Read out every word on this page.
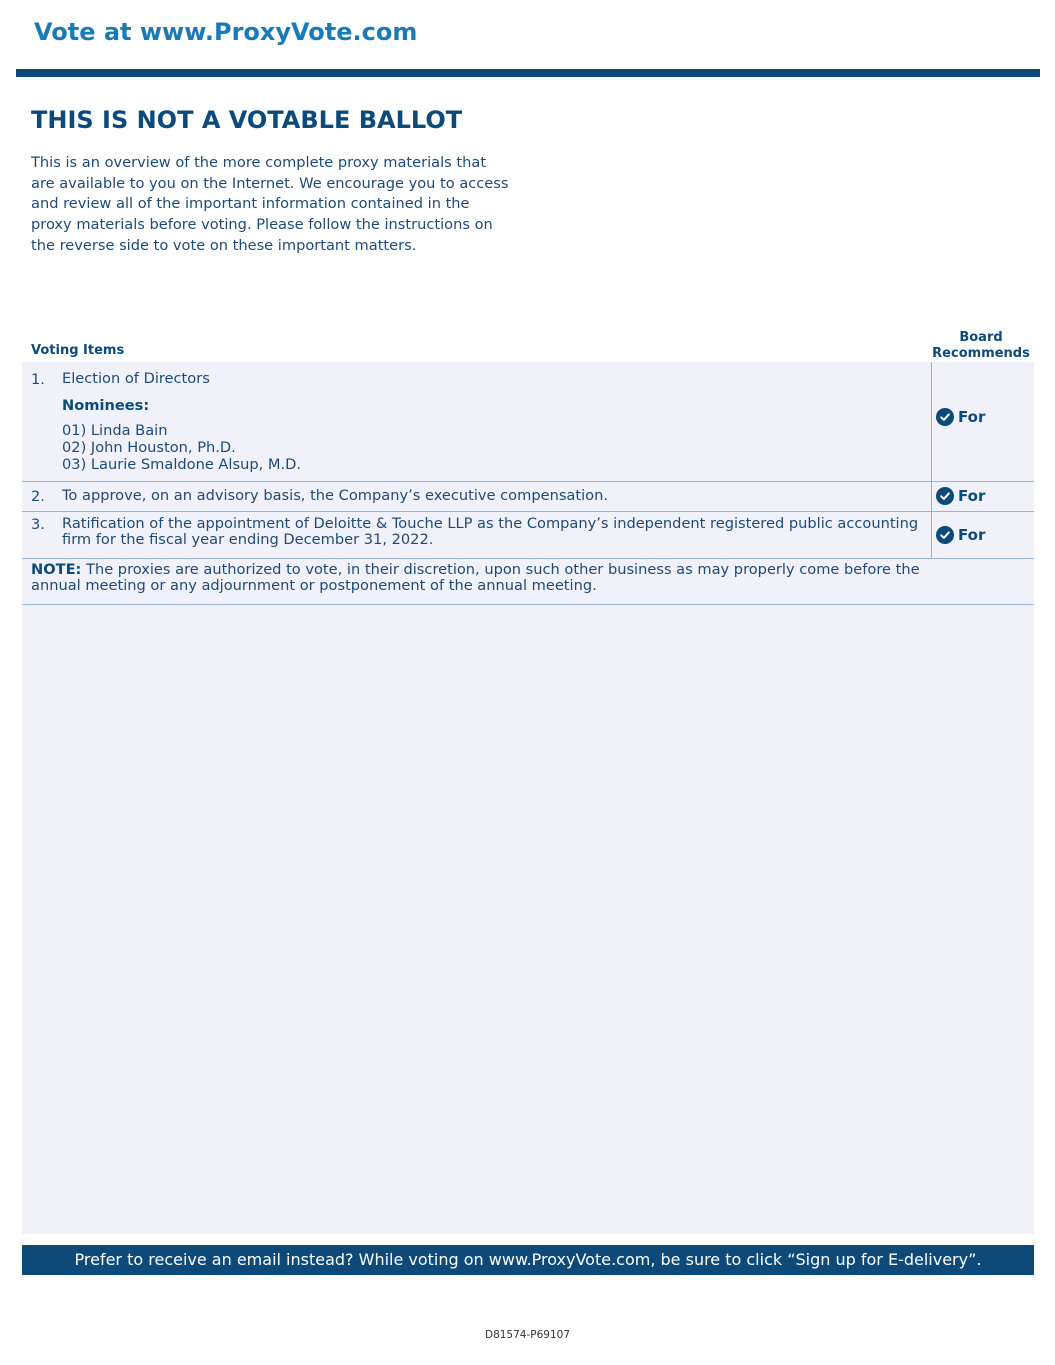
Vote at www.ProxyVote.com
THIS IS NOT A VOTABLE BALLOT
This is an overview of the more complete proxy materials that
are available to you on the Internet. We encourage you to access
and review all of the important information contained in the
proxy materials before voting. Please follow the instructions on
the reverse side to vote on these important matters.
Voting Items
Board
Recommends
1. Election of Directors
Nominees:
01) Linda Bain
02) John Houston, Ph.D.
03) Laurie Smaldone Alsup, M.D.
For
2. To approve, on an advisory basis, the Company’s executive compensation.	For
3. Ratification of the appointment of Deloitte & Touche LLP as the Company’s independent registered public accounting
firm for the fiscal year ending December 31, 2022.	For
NOTE: The proxies are authorized to vote, in their discretion, upon such other business as may properly come before the
annual meeting or any adjournment or postponement of the annual meeting.
Prefer to receive an email instead? While voting on www.ProxyVote.com, be sure to click “Sign up for E-delivery”.
D81574-P69107
